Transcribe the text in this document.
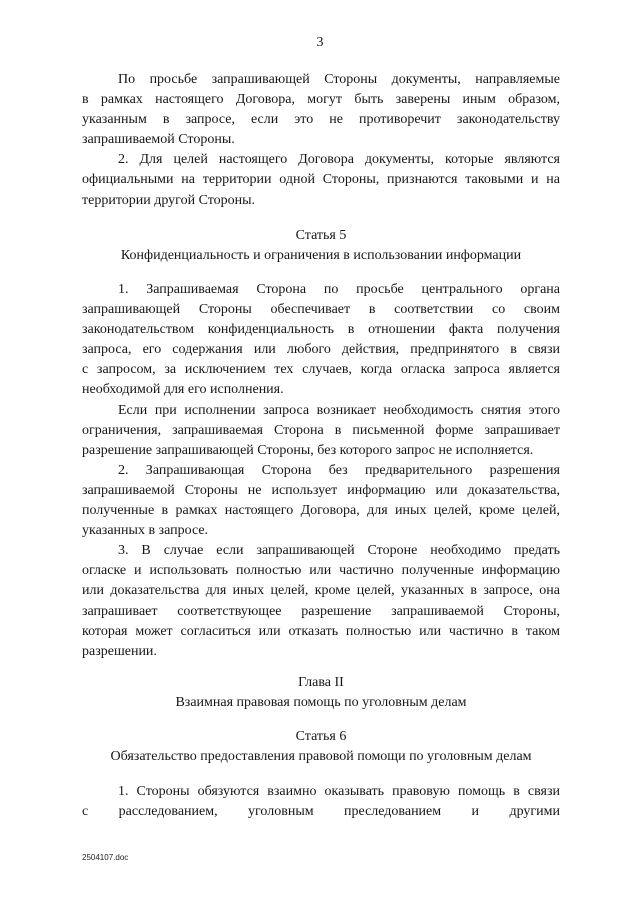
3
По просьбе запрашивающей Стороны документы, направляемые
в рамках настоящего Договора, могут быть заверены иным образом,
указанным в запросе, если это не противоречит законодательству
запрашиваемой Стороны.
2. Для целей настоящего Договора документы, которые являются
официальными на территории одной Стороны, признаются таковыми и на
территории другой Стороны.
Статья 5
Конфиденциальность и ограничения в использовании информации
1. Запрашиваемая Сторона по просьбе центрального органа
запрашивающей Стороны обеспечивает в соответствии со своим
законодательством конфиденциальность в отношении факта получения
запроса, его содержания или любого действия, предпринятого в связи
с запросом, за исключением тех случаев, когда огласка запроса является
необходимой для его исполнения.
Если при исполнении запроса возникает необходимость снятия этого
ограничения, запрашиваемая Сторона в письменной форме запрашивает
разрешение запрашивающей Стороны, без которого запрос не исполняется.
2. Запрашивающая Сторона без предварительного разрешения
запрашиваемой Стороны не использует информацию или доказательства,
полученные в рамках настоящего Договора, для иных целей, кроме целей,
указанных в запросе.
3. В случае если запрашивающей Стороне необходимо предать
огласке и использовать полностью или частично полученные информацию
или доказательства для иных целей, кроме целей, указанных в запросе, она
запрашивает соответствующее разрешение запрашиваемой Стороны,
которая может согласиться или отказать полностью или частично в таком
разрешении.
Глава II
Взаимная правовая помощь по уголовным делам
Статья 6
Обязательство предоставления правовой помощи по уголовным делам
1. Стороны обязуются взаимно оказывать правовую помощь в связи
с расследованием, уголовным преследованием и другими
2504107.doc
